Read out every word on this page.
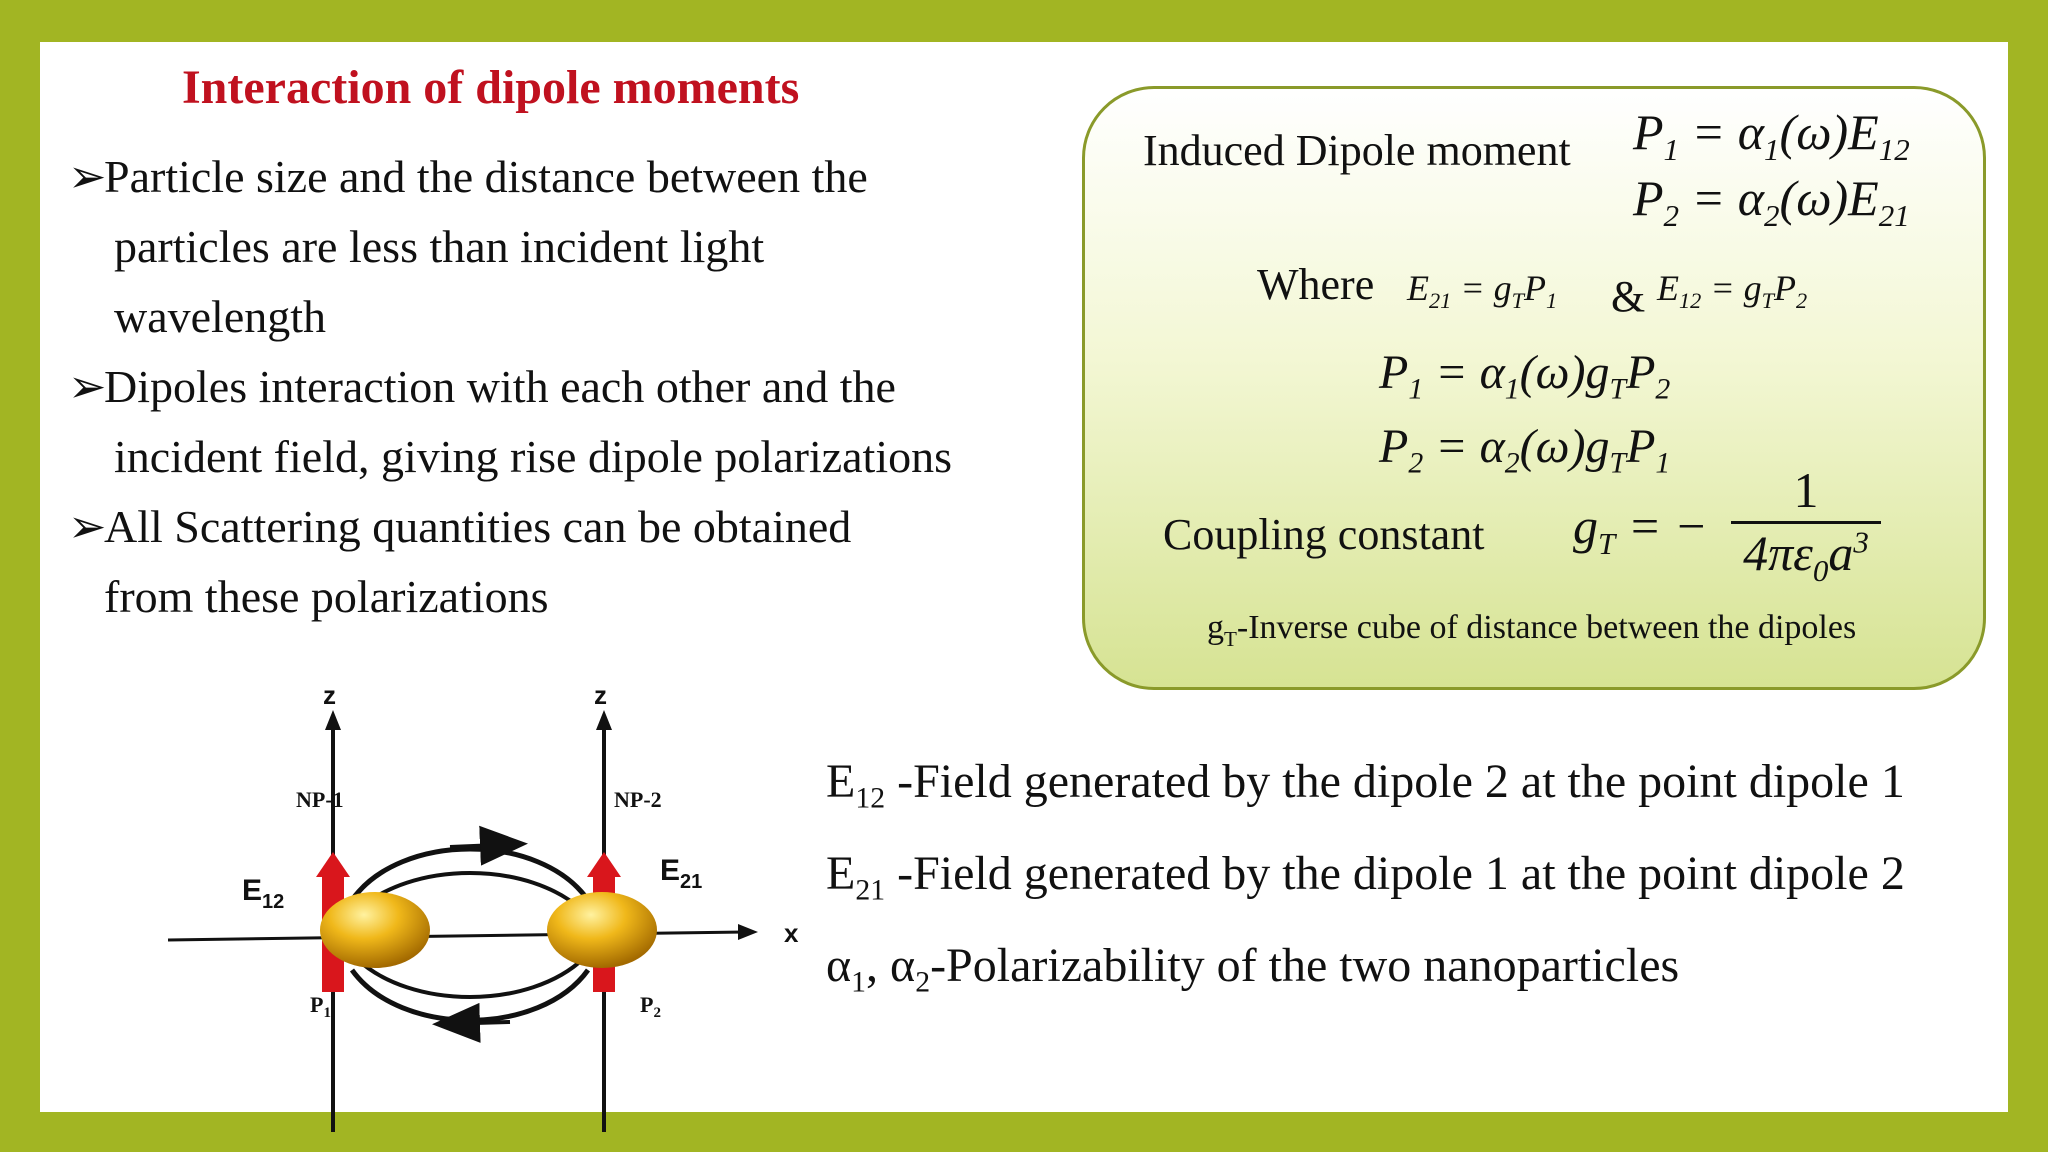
Interaction of dipole moments
➢Particle size and the distance between the
particles are less than incident light
wavelength
➢Dipoles interaction with each other and the
incident field, giving rise dipole polarizations
➢All Scattering quantities can be obtained
from these polarizations
Induced Dipole moment $P_1 = \alpha_1(\omega)E_{12}$
$P_2 = \alpha_2(\omega)E_{21}$
Where $E_{21} = g_TP_1$ & $E_{12} = g_TP_2$
$P_1 = \alpha_1(\omega)g_TP_2$
$P_2 = \alpha_2(\omega)g_TP_1$
Coupling constant $g_T$ = −
1
$4\pi\varepsilon_0a^3$
$g_T$-Inverse cube of distance between the dipoles
z	z
x
NP-1	NP-2
$E_{12}$
$E_{21}$
$P_1$	$P_2$
$E_{12}$ -Field generated by the dipole 2 at the point dipole 1
$E_{21}$ -Field generated by the dipole 1 at the point dipole 2
$\alpha_1$, $\alpha_2$-Polarizability of the two nanoparticles
